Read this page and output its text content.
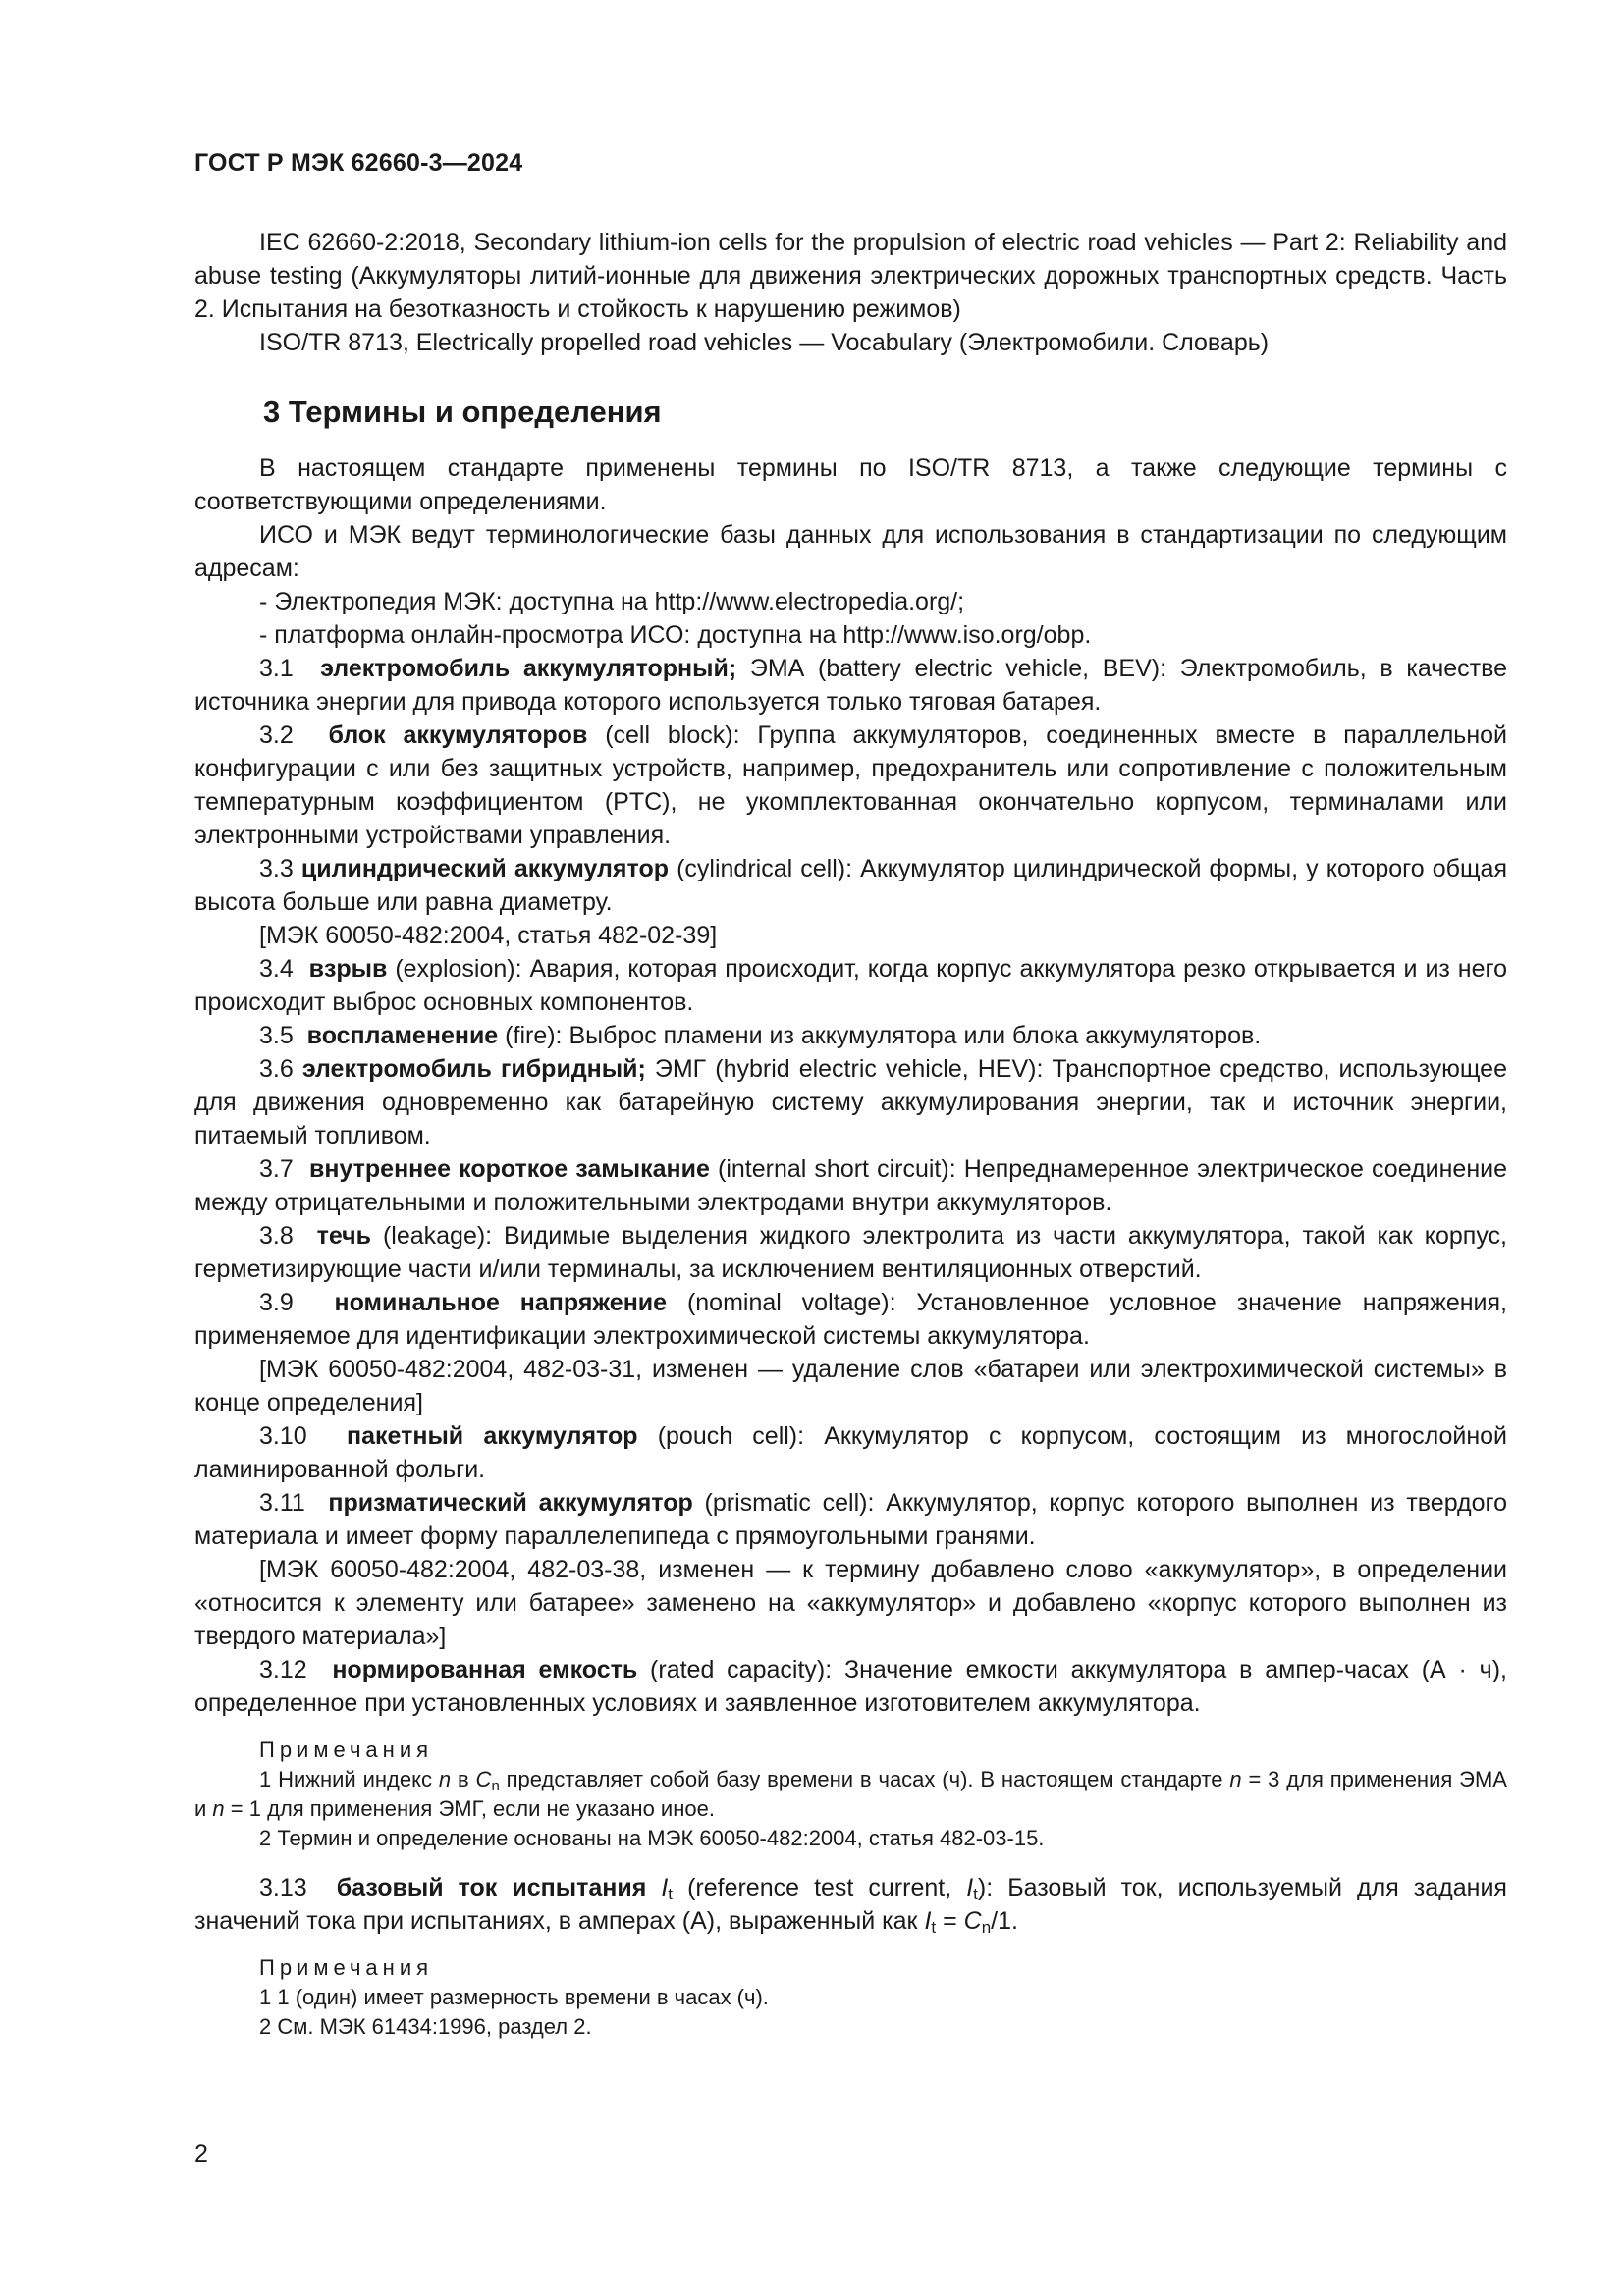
ГОСТ Р МЭК 62660-3—2024

IEC 62660-2:2018, Secondary lithium-ion cells for the propulsion of electric road vehicles — Part 2: Reliability and abuse testing (Аккумуляторы литий-ионные для движения электрических дорожных транспортных средств. Часть 2. Испытания на безотказность и стойкость к нарушению режимов)

ISO/TR 8713, Electrically propelled road vehicles — Vocabulary (Электромобили. Словарь)

3 Термины и определения

В настоящем стандарте применены термины по ISO/TR 8713, а также следующие термины с соответствующими определениями.

ИСО и МЭК ведут терминологические базы данных для использования в стандартизации по следующим адресам:

- Электропедия МЭК: доступна на http://www.electropedia.org/;

- платформа онлайн-просмотра ИСО: доступна на http://www.iso.org/obp.

3.1 электромобиль аккумуляторный; ЭМА (battery electric vehicle, BEV): Электромобиль, в качестве источника энергии для привода которого используется только тяговая батарея.

3.2 блок аккумуляторов (cell block): Группа аккумуляторов, соединенных вместе в параллельной конфигурации с или без защитных устройств, например, предохранитель или сопротивление с положительным температурным коэффициентом (PTC), не укомплектованная окончательно корпусом, терминалами или электронными устройствами управления.

3.3 цилиндрический аккумулятор (cylindrical cell): Аккумулятор цилиндрической формы, у которого общая высота больше или равна диаметру.

[МЭК 60050-482:2004, статья 482-02-39]

3.4 взрыв (explosion): Авария, которая происходит, когда корпус аккумулятора резко открывается и из него происходит выброс основных компонентов.

3.5 воспламенение (fire): Выброс пламени из аккумулятора или блока аккумуляторов.

3.6 электромобиль гибридный; ЭМГ (hybrid electric vehicle, HEV): Транспортное средство, использующее для движения одновременно как батарейную систему аккумулирования энергии, так и источник энергии, питаемый топливом.

3.7 внутреннее короткое замыкание (internal short circuit): Непреднамеренное электрическое соединение между отрицательными и положительными электродами внутри аккумуляторов.

3.8 течь (leakage): Видимые выделения жидкого электролита из части аккумулятора, такой как корпус, герметизирующие части и/или терминалы, за исключением вентиляционных отверстий.

3.9 номинальное напряжение (nominal voltage): Установленное условное значение напряжения, применяемое для идентификации электрохимической системы аккумулятора.

[МЭК 60050-482:2004, 482-03-31, изменен — удаление слов «батареи или электрохимической системы» в конце определения]

3.10 пакетный аккумулятор (pouch cell): Аккумулятор с корпусом, состоящим из многослойной ламинированной фольги.

3.11 призматический аккумулятор (prismatic cell): Аккумулятор, корпус которого выполнен из твердого материала и имеет форму параллелепипеда с прямоугольными гранями.

[МЭК 60050-482:2004, 482-03-38, изменен — к термину добавлено слово «аккумулятор», в определении «относится к элементу или батарее» заменено на «аккумулятор» и добавлено «корпус которого выполнен из твердого материала»]

3.12 нормированная емкость (rated capacity): Значение емкости аккумулятора в ампер-часах (А · ч), определенное при установленных условиях и заявленное изготовителем аккумулятора.

Примечания

1 Нижний индекс n в $C_n$ представляет собой базу времени в часах (ч). В настоящем стандарте n = 3 для применения ЭМА и n = 1 для применения ЭМГ, если не указано иное.

2 Термин и определение основаны на МЭК 60050-482:2004, статья 482-03-15.

3.13 базовый ток испытания $I_t$ (reference test current, $I_t$): Базовый ток, используемый для задания значений тока при испытаниях, в амперах (А), выраженный как $I_t = C_n/1$.

Примечания

1 1 (один) имеет размерность времени в часах (ч).

2 См. МЭК 61434:1996, раздел 2.

2
